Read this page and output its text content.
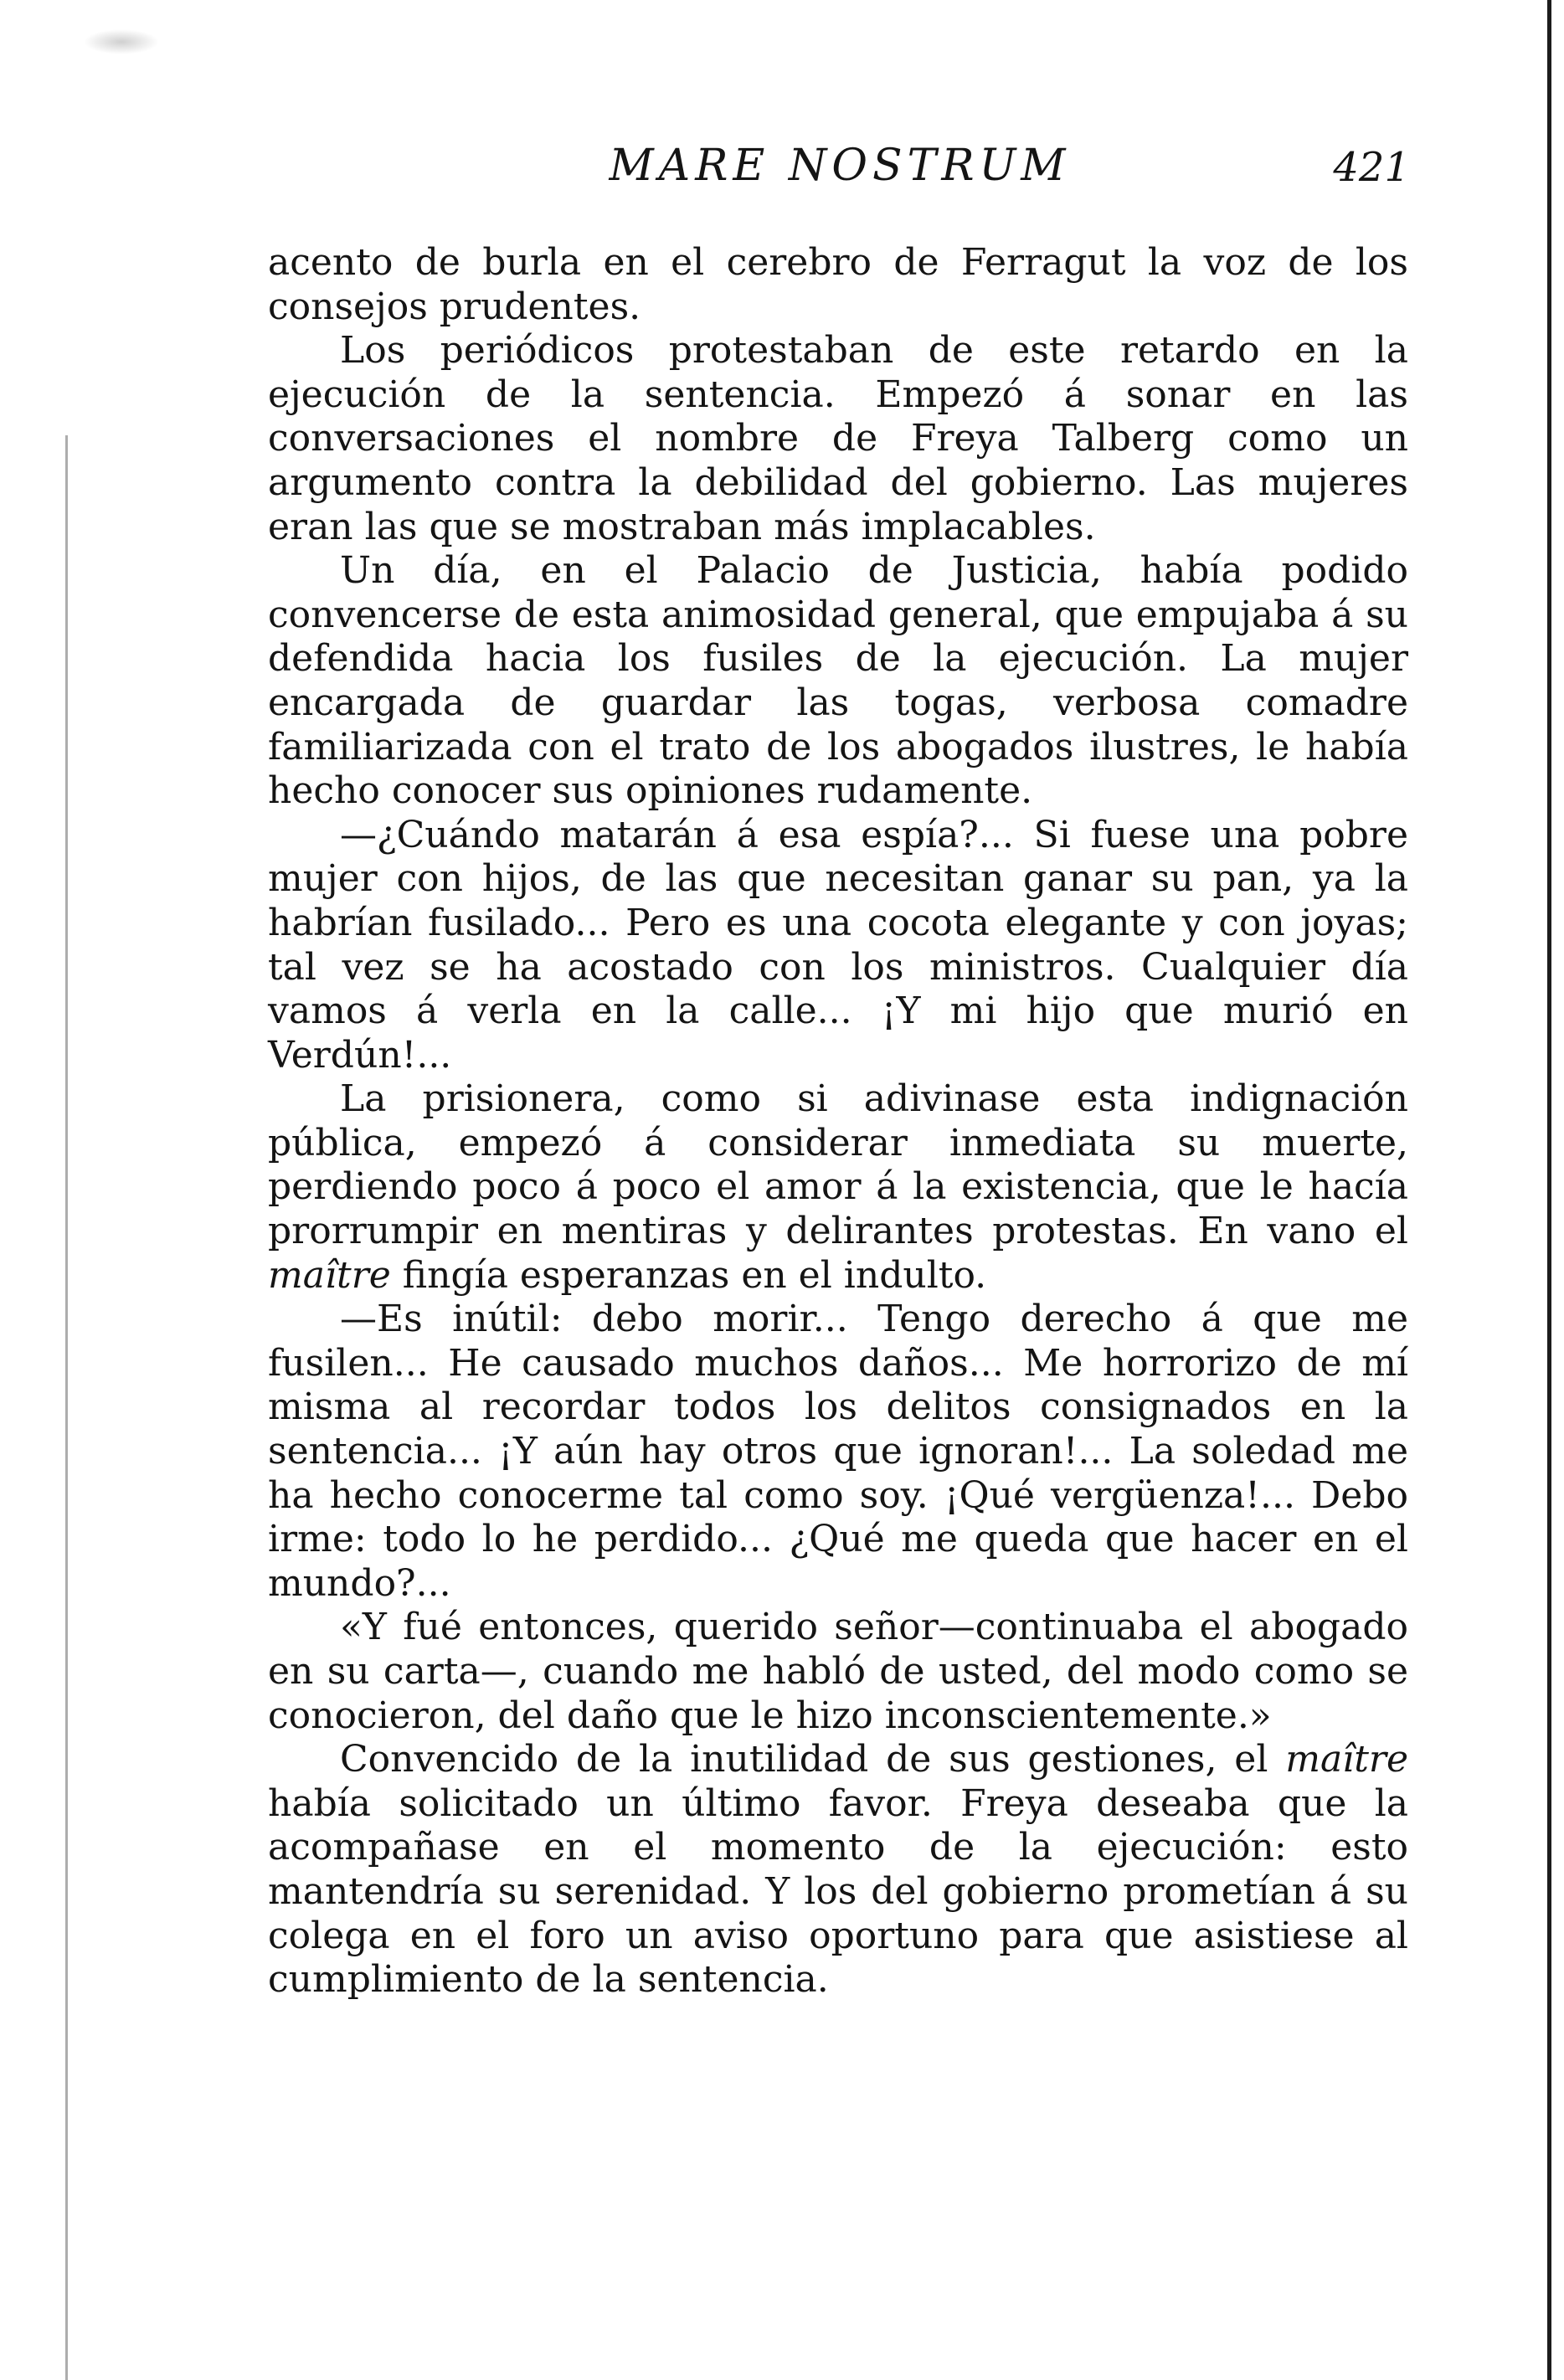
MARE NOSTRUM	421

acento de burla en el cerebro de Ferragut la voz de los consejos prudentes.

Los periódicos protestaban de este retardo en la ejecución de la sentencia. Empezó á sonar en las conversaciones el nombre de Freya Talberg como un argumento contra la debilidad del gobierno. Las mujeres eran las que se mostraban más implacables.

Un día, en el Palacio de Justicia, había podido convencerse de esta animosidad general, que empujaba á su defendida hacia los fusiles de la ejecución. La mujer encargada de guardar las togas, verbosa comadre familiarizada con el trato de los abogados ilustres, le había hecho conocer sus opiniones rudamente.

—¿Cuándo matarán á esa espía?... Si fuese una pobre mujer con hijos, de las que necesitan ganar su pan, ya la habrían fusilado... Pero es una cocota elegante y con joyas; tal vez se ha acostado con los ministros. Cualquier día vamos á verla en la calle... ¡Y mi hijo que murió en Verdún!...

La prisionera, como si adivinase esta indignación pública, empezó á considerar inmediata su muerte, perdiendo poco á poco el amor á la existencia, que le hacía prorrumpir en mentiras y delirantes protestas. En vano el maître fingía esperanzas en el indulto.

—Es inútil: debo morir... Tengo derecho á que me fusilen... He causado muchos daños... Me horrorizo de mí misma al recordar todos los delitos consignados en la sentencia... ¡Y aún hay otros que ignoran!... La soledad me ha hecho conocerme tal como soy. ¡Qué vergüenza!... Debo irme: todo lo he perdido... ¿Qué me queda que hacer en el mundo?...

«Y fué entonces, querido señor—continuaba el abogado en su carta—, cuando me habló de usted, del modo como se conocieron, del daño que le hizo inconscientemente.»

Convencido de la inutilidad de sus gestiones, el maître había solicitado un último favor. Freya deseaba que la acompañase en el momento de la ejecución: esto mantendría su serenidad. Y los del gobierno prometían á su colega en el foro un aviso oportuno para que asistiese al cumplimiento de la sentencia.
